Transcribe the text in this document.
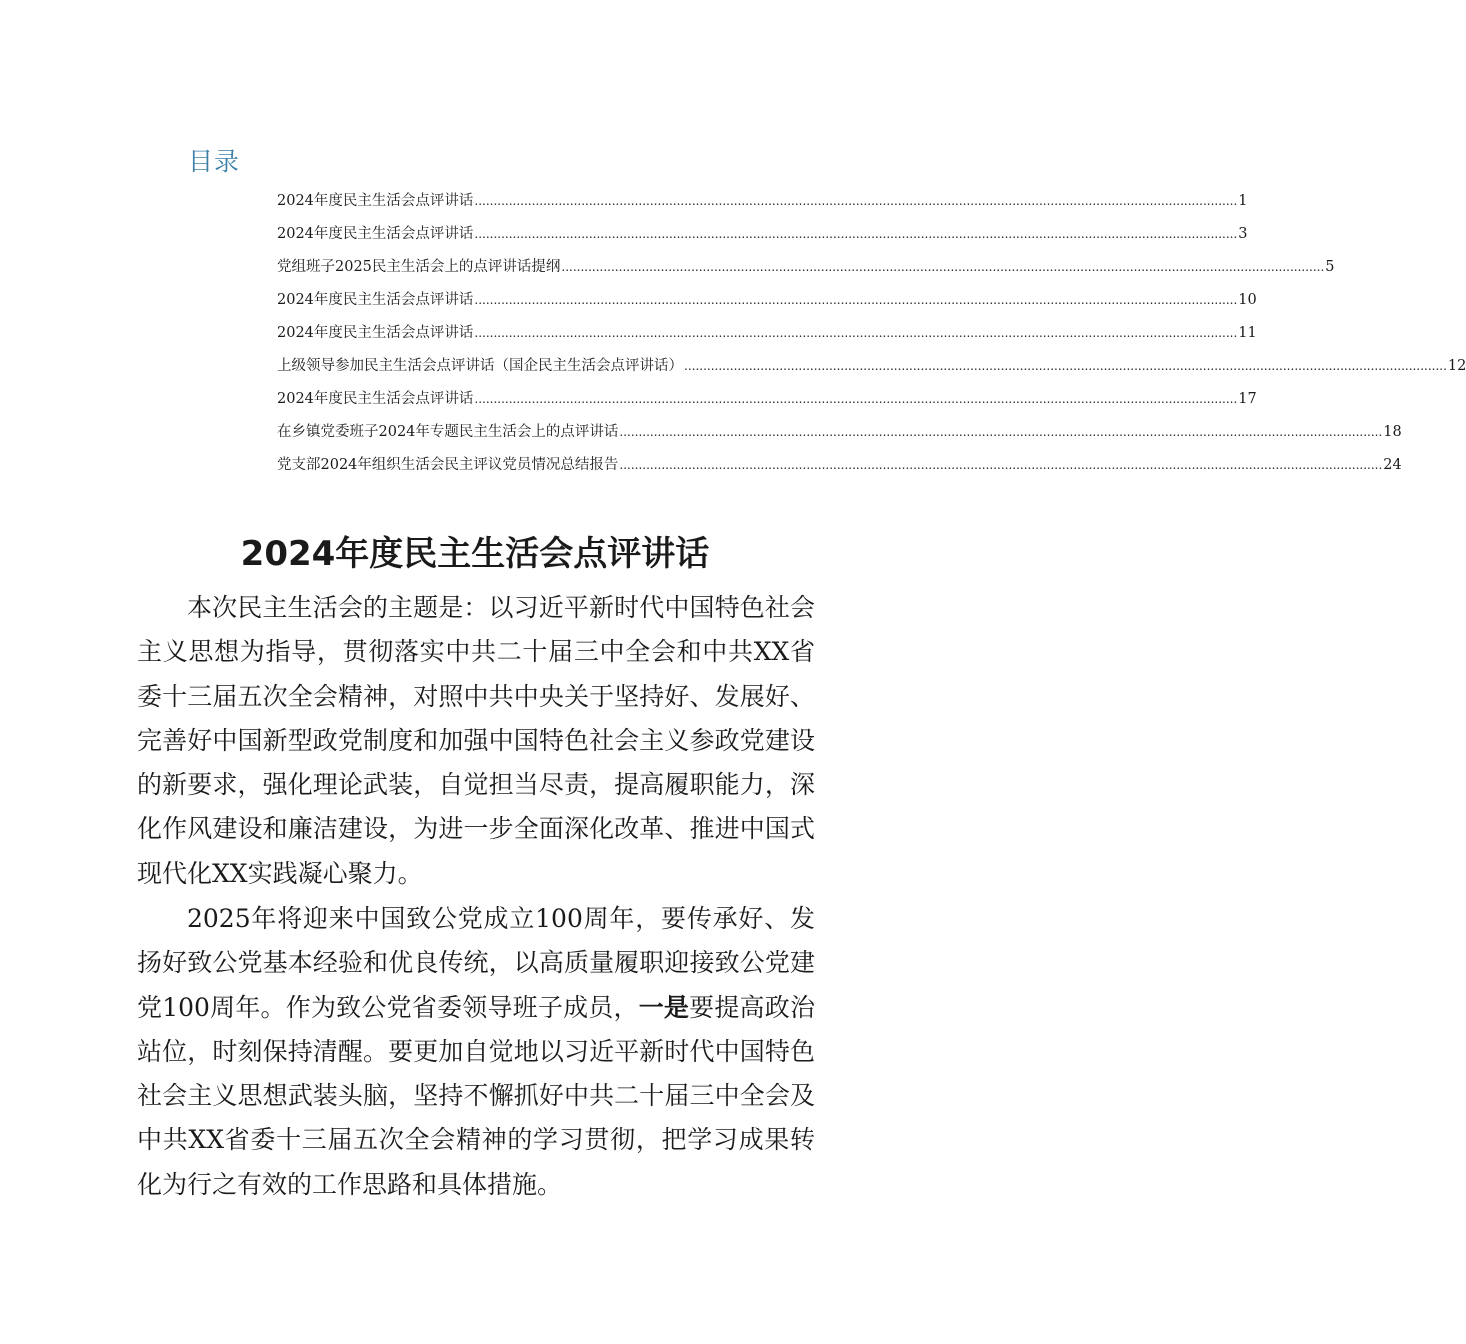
目录
2024年度民主生活会点评讲话 ........................................................................................................................................................................................................ 1
2024年度民主生活会点评讲话 ........................................................................................................................................................................................................ 3
党组班子2025民主生活会上的点评讲话提纲 ........................................................................................................................................................................................................ 5
2024年度民主生活会点评讲话 ........................................................................................................................................................................................................ 10
2024年度民主生活会点评讲话 ........................................................................................................................................................................................................ 11
上级领导参加民主生活会点评讲话（国企民主生活会点评讲话） ........................................................................................................................................................................................................ 12
2024年度民主生活会点评讲话 ........................................................................................................................................................................................................ 17
在乡镇党委班子2024年专题民主生活会上的点评讲话 ........................................................................................................................................................................................................ 18
党支部2024年组织生活会民主评议党员情况总结报告 ........................................................................................................................................................................................................ 24
2024年度民主生活会点评讲话

本次民主生活会的主题是：以习近平新时代中国特色社会主义思想为指导，贯彻落实中共二十届三中全会和中共XX省委十三届五次全会精神，对照中共中央关于坚持好、发展好、完善好中国新型政党制度和加强中国特色社会主义参政党建设的新要求，强化理论武装，自觉担当尽责，提高履职能力，深化作风建设和廉洁建设，为进一步全面深化改革、推进中国式现代化XX实践凝心聚力。

2025年将迎来中国致公党成立100周年，要传承好、发扬好致公党基本经验和优良传统，以高质量履职迎接致公党建党100周年。作为致公党省委领导班子成员，一是要提高政治站位，时刻保持清醒。要更加自觉地以习近平新时代中国特色社会主义思想武装头脑，坚持不懈抓好中共二十届三中全会及中共XX省委十三届五次全会精神的学习贯彻，把学习成果转化为行之有效的工作思路和具体措施。
